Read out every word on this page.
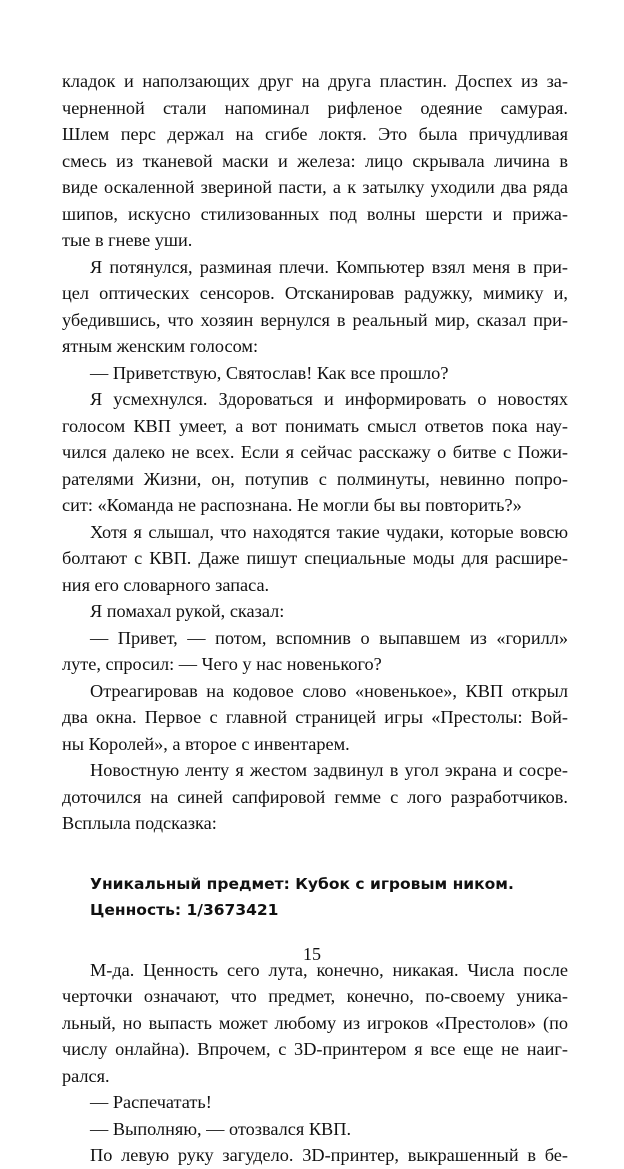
кладок и наползающих друг на друга пластин. Доспех из за-
черненной стали напоминал рифленое одеяние самурая.
Шлем перс держал на сгибе локтя. Это была причудливая
смесь из тканевой маски и железа: лицо скрывала личина в
виде оскаленной звериной пасти, а к затылку уходили два ряда
шипов, искусно стилизованных под волны шерсти и прижа-
тые в гневе уши.
Я потянулся, разминая плечи. Компьютер взял меня в при-
цел оптических сенсоров. Отсканировав радужку, мимику и,
убедившись, что хозяин вернулся в реальный мир, сказал при-
ятным женским голосом:
— Приветствую, Святослав! Как все прошло?
Я усмехнулся. Здороваться и информировать о новостях
голосом КВП умеет, а вот понимать смысл ответов пока нау-
чился далеко не всех. Если я сейчас расскажу о битве с Пожи-
рателями Жизни, он, потупив с полминуты, невинно попро-
сит: «Команда не распознана. Не могли бы вы повторить?»
Хотя я слышал, что находятся такие чудаки, которые вовсю
болтают с КВП. Даже пишут специальные моды для расшире-
ния его словарного запаса.
Я помахал рукой, сказал:
— Привет, — потом, вспомнив о выпавшем из «горилл»
луте, спросил: — Чего у нас новенького?
Отреагировав на кодовое слово «новенькое», КВП открыл
два окна. Первое с главной страницей игры «Престолы: Вой-
ны Королей», а второе с инвентарем.
Новостную ленту я жестом задвинул в угол экрана и сосре-
доточился на синей сапфировой гемме с лого разработчиков.
Всплыла подсказка:
Уникальный предмет: Кубок с игровым ником.
Ценность: 1/3673421
М-да. Ценность сего лута, конечно, никакая. Числа после
черточки означают, что предмет, конечно, по-своему уника-
льный, но выпасть может любому из игроков «Престолов» (по
числу онлайна). Впрочем, с 3D-принтером я все еще не наиг-
рался.
— Распечатать!
— Выполняю, — отозвался КВП.
По левую руку загудело. 3D-принтер, выкрашенный в бе-
15
